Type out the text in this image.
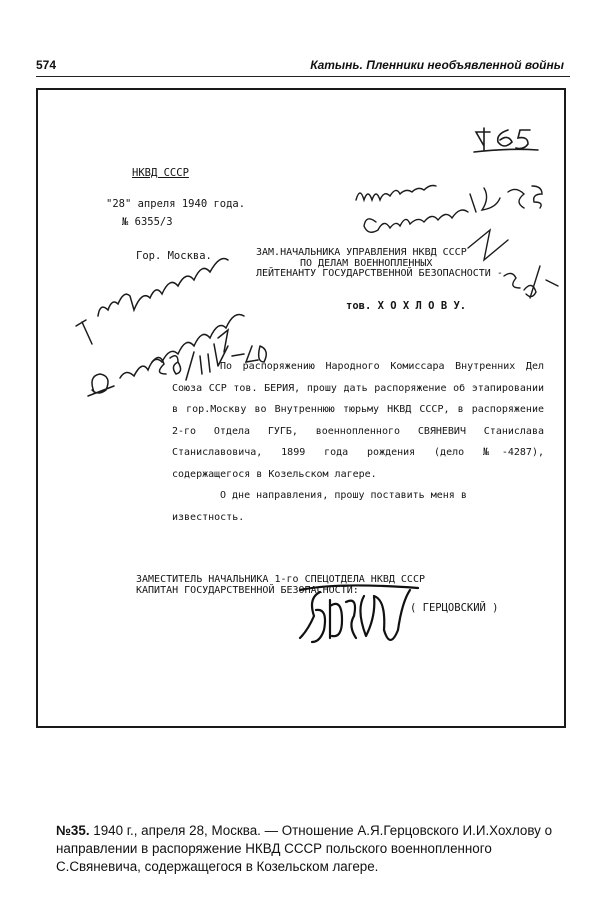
574	Катынь. Пленники необъявленной войны
НКВД СССР
"28" апреля 1940 года.
№ 6355/3
Гор. Москва.	ЗАМ.НАЧАЛЬНИКА УПРАВЛЕНИЯ НКВД СССР
ПО ДЕЛАМ ВОЕННОПЛЕННЫХ
ЛЕЙТЕНАНТУ ГОСУДАРСТВЕННОЙ БЕЗОПАСНОСТИ -
тов. Х О Х Л О В У.

По распоряжению Народного Комиссара Внутренних Дел Союза ССР тов. БЕРИЯ, прошу дать распоряжение об этапировании в гор.Москву во Внутреннюю тюрьму НКВД СССР, в распоряжение 2-го Отдела ГУГБ, военнопленного СВЯНЕВИЧ Станислава Станиславовича, 1899 года рождения (дело №-4287), содержащегося в Козельском лагере.

О дне направления, прошу поставить меня в известность.

ЗАМЕСТИТЕЛЬ НАЧАЛЬНИКА 1-го СПЕЦОТДЕЛА НКВД СССР
КАПИТАН ГОСУДАРСТВЕННОЙ БЕЗОПАСНОСТИ:
( ГЕРЦОВСКИЙ )
№35. 1940 г., апреля 28, Москва. — Отношение А.Я.Герцовского И.И.Хохлову о направлении в распоряжение НКВД СССР польского военнопленного С.Свяневича, содержащегося в Козельском лагере.
